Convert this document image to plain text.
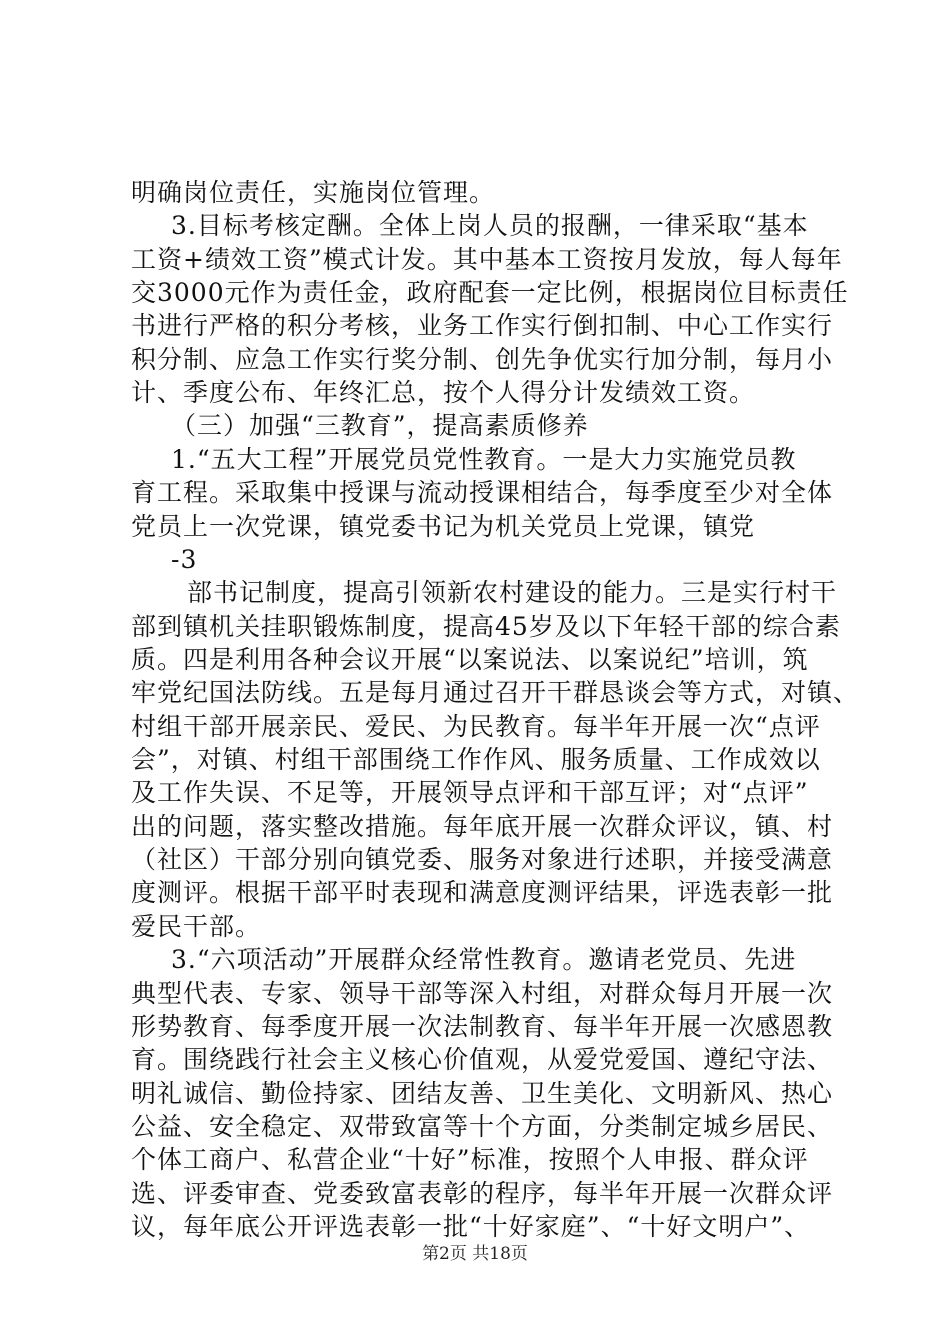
明确岗位责任，实施岗位管理。
3.目标考核定酬。全体上岗人员的报酬，一律采取“基本
工资+绩效工资”模式计发。其中基本工资按月发放，每人每年
交3000元作为责任金，政府配套一定比例，根据岗位目标责任
书进行严格的积分考核，业务工作实行倒扣制、中心工作实行
积分制、应急工作实行奖分制、创先争优实行加分制，每月小
计、季度公布、年终汇总，按个人得分计发绩效工资。
（三）加强“三教育”，提高素质修养
1.“五大工程”开展党员党性教育。一是大力实施党员教
育工程。采取集中授课与流动授课相结合，每季度至少对全体
党员上一次党课，镇党委书记为机关党员上党课，镇党
-3
部书记制度，提高引领新农村建设的能力。三是实行村干
部到镇机关挂职锻炼制度，提高45岁及以下年轻干部的综合素
质。四是利用各种会议开展“以案说法、以案说纪”培训，筑
牢党纪国法防线。五是每月通过召开干群恳谈会等方式，对镇、
村组干部开展亲民、爱民、为民教育。每半年开展一次“点评
会”，对镇、村组干部围绕工作作风、服务质量、工作成效以
及工作失误、不足等，开展领导点评和干部互评；对“点评”
出的问题，落实整改措施。每年底开展一次群众评议，镇、村
（社区）干部分别向镇党委、服务对象进行述职，并接受满意
度测评。根据干部平时表现和满意度测评结果，评选表彰一批
爱民干部。
3.“六项活动”开展群众经常性教育。邀请老党员、先进
典型代表、专家、领导干部等深入村组，对群众每月开展一次
形势教育、每季度开展一次法制教育、每半年开展一次感恩教
育。围绕践行社会主义核心价值观，从爱党爱国、遵纪守法、
明礼诚信、勤俭持家、团结友善、卫生美化、文明新风、热心
公益、安全稳定、双带致富等十个方面，分类制定城乡居民、
个体工商户、私营企业“十好”标准，按照个人申报、群众评
选、评委审查、党委致富表彰的程序，每半年开展一次群众评
议，每年底公开评选表彰一批“十好家庭”、“十好文明户”、
第2页 共18页
